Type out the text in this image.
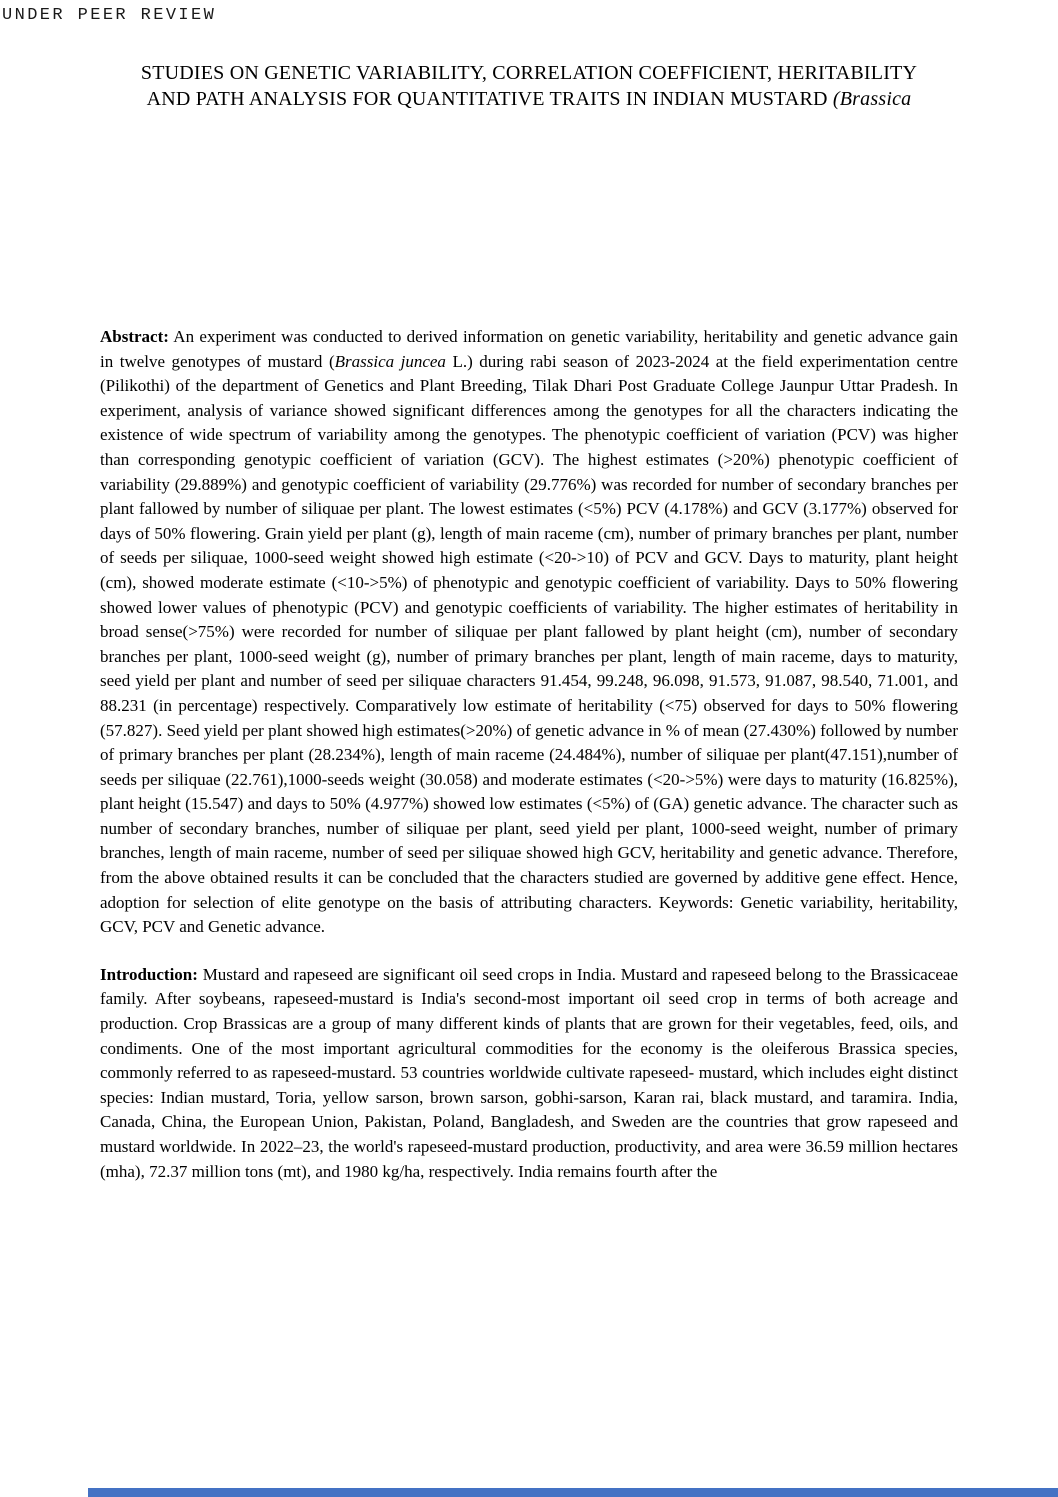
UNDER PEER REVIEW
STUDIES ON GENETIC VARIABILITY, CORRELATION COEFFICIENT, HERITABILITY
AND PATH ANALYSIS FOR QUANTITATIVE TRAITS IN INDIAN MUSTARD (Brassica

Abstract: An experiment was conducted to derived information on genetic variability, heritability and genetic advance gain in twelve genotypes of mustard (Brassica juncea L.) during rabi season of 2023-2024 at the field experimentation centre (Pilikothi) of the department of Genetics and Plant Breeding, Tilak Dhari Post Graduate College Jaunpur Uttar Pradesh. In experiment, analysis of variance showed significant differences among the genotypes for all the characters indicating the existence of wide spectrum of variability among the genotypes. The phenotypic coefficient of variation (PCV) was higher than corresponding genotypic coefficient of variation (GCV). The highest estimates (>20%) phenotypic coefficient of variability (29.889%) and genotypic coefficient of variability (29.776%) was recorded for number of secondary branches per plant fallowed by number of siliquae per plant. The lowest estimates (<5%) PCV (4.178%) and GCV (3.177%) observed for days of 50% flowering. Grain yield per plant (g), length of main raceme (cm), number of primary branches per plant, number of seeds per siliquae, 1000-seed weight showed high estimate (<20->10) of PCV and GCV. Days to maturity, plant height (cm), showed moderate estimate (<10->5%) of phenotypic and genotypic coefficient of variability. Days to 50% flowering showed lower values of phenotypic (PCV) and genotypic coefficients of variability. The higher estimates of heritability in broad sense(>75%) were recorded for number of siliquae per plant fallowed by plant height (cm), number of secondary branches per plant, 1000-seed weight (g), number of primary branches per plant, length of main raceme, days to maturity, seed yield per plant and number of seed per siliquae characters 91.454, 99.248, 96.098, 91.573, 91.087, 98.540, 71.001, and 88.231 (in percentage) respectively. Comparatively low estimate of heritability (<75) observed for days to 50% flowering (57.827). Seed yield per plant showed high estimates(>20%) of genetic advance in % of mean (27.430%) followed by number of primary branches per plant (28.234%), length of main raceme (24.484%), number of siliquae per plant(47.151),number of seeds per siliquae (22.761),1000-seeds weight (30.058) and moderate estimates (<20->5%) were days to maturity (16.825%), plant height (15.547) and days to 50% (4.977%) showed low estimates (<5%) of (GA) genetic advance. The character such as number of secondary branches, number of siliquae per plant, seed yield per plant, 1000-seed weight, number of primary branches, length of main raceme, number of seed per siliquae showed high GCV, heritability and genetic advance. Therefore, from the above obtained results it can be concluded that the characters studied are governed by additive gene effect. Hence, adoption for selection of elite genotype on the basis of attributing characters. Keywords: Genetic variability, heritability, GCV, PCV and Genetic advance.

Introduction: Mustard and rapeseed are significant oil seed crops in India. Mustard and rapeseed belong to the Brassicaceae family. After soybeans, rapeseed-mustard is India's second-most important oil seed crop in terms of both acreage and production. Crop Brassicas are a group of many different kinds of plants that are grown for their vegetables, feed, oils, and condiments. One of the most important agricultural commodities for the economy is the oleiferous Brassica species, commonly referred to as rapeseed-mustard. 53 countries worldwide cultivate rapeseed- mustard, which includes eight distinct species: Indian mustard, Toria, yellow sarson, brown sarson, gobhi-sarson, Karan rai, black mustard, and taramira. India, Canada, China, the European Union, Pakistan, Poland, Bangladesh, and Sweden are the countries that grow rapeseed and mustard worldwide. In 2022–23, the world's rapeseed-mustard production, productivity, and area were 36.59 million hectares (mha), 72.37 million tons (mt), and 1980 kg/ha, respectively. India remains fourth after the
